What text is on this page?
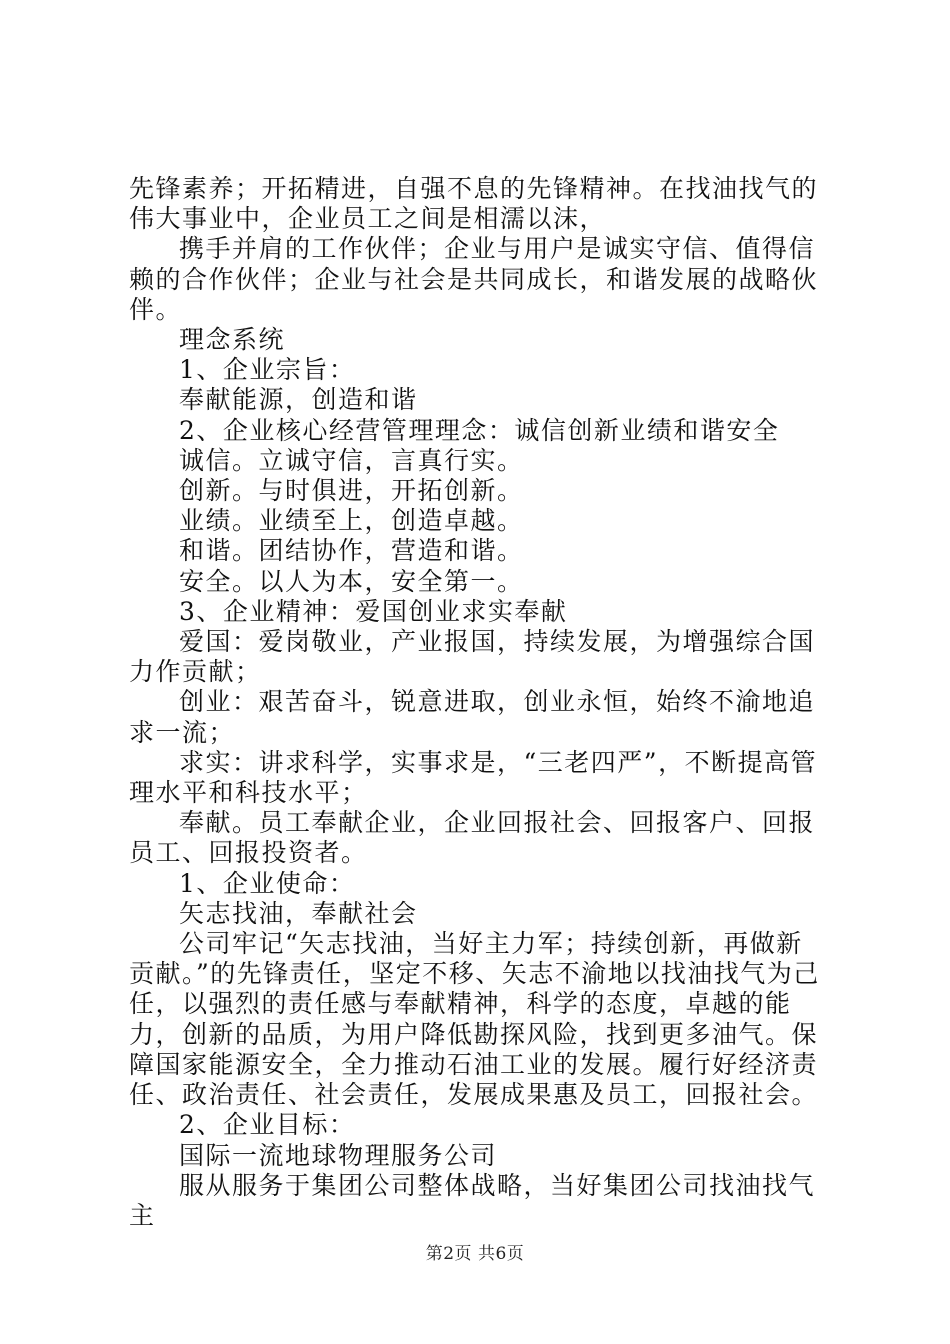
先锋素养；开拓精进，自强不息的先锋精神。在找油找气的伟大事业中，企业员工之间是相濡以沫，

携手并肩的工作伙伴；企业与用户是诚实守信、值得信赖的合作伙伴；企业与社会是共同成长，和谐发展的战略伙伴。

理念系统

1、企业宗旨：

奉献能源，创造和谐

2、企业核心经营管理理念：诚信创新业绩和谐安全

诚信。立诚守信，言真行实。

创新。与时俱进，开拓创新。

业绩。业绩至上，创造卓越。

和谐。团结协作，营造和谐。

安全。以人为本，安全第一。

3、企业精神：爱国创业求实奉献

爱国：爱岗敬业，产业报国，持续发展，为增强综合国力作贡献；

创业：艰苦奋斗，锐意进取，创业永恒，始终不渝地追求一流；

求实：讲求科学，实事求是，“三老四严”，不断提高管理水平和科技水平；

奉献。员工奉献企业，企业回报社会、回报客户、回报员工、回报投资者。

1、企业使命：

矢志找油，奉献社会

公司牢记“矢志找油，当好主力军；持续创新，再做新贡献。”的先锋责任，坚定不移、矢志不渝地以找油找气为己任，以强烈的责任感与奉献精神，科学的态度，卓越的能力，创新的品质，为用户降低勘探风险，找到更多油气。保障国家能源安全，全力推动石油工业的发展。履行好经济责任、政治责任、社会责任，发展成果惠及员工，回报社会。

2、企业目标：

国际一流地球物理服务公司

服从服务于集团公司整体战略，当好集团公司找油找气主

第2页 共6页
